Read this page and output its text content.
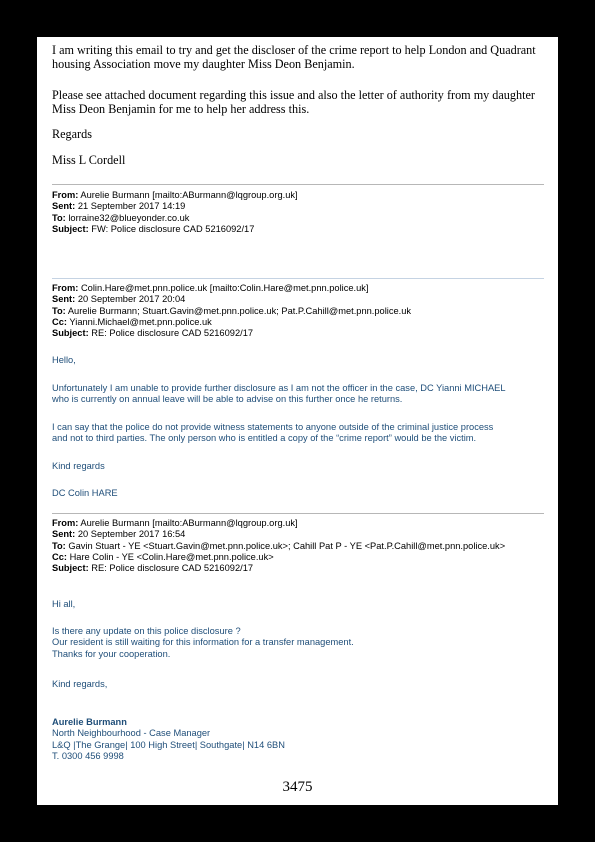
I am writing this email to try and get the discloser of the crime report to help London and Quadrant
housing Association move my daughter Miss Deon Benjamin.
Please see attached document regarding this issue and also the letter of authority from my daughter
Miss Deon Benjamin for me to help her address this.
Regards
Miss L Cordell
From: Aurelie Burmann [mailto:ABurmann@lqgroup.org.uk]
Sent: 21 September 2017 14:19
To: lorraine32@blueyonder.co.uk
Subject: FW: Police disclosure CAD 5216092/17
From: Colin.Hare@met.pnn.police.uk [mailto:Colin.Hare@met.pnn.police.uk]
Sent: 20 September 2017 20:04
To: Aurelie Burmann; Stuart.Gavin@met.pnn.police.uk; Pat.P.Cahill@met.pnn.police.uk
Cc: Yianni.Michael@met.pnn.police.uk
Subject: RE: Police disclosure CAD 5216092/17
Hello,
Unfortunately I am unable to provide further disclosure as I am not the officer in the case, DC Yianni MICHAEL
who is currently on annual leave will be able to advise on this further once he returns.
I can say that the police do not provide witness statements to anyone outside of the criminal justice process
and not to third parties. The only person who is entitled a copy of the “crime report” would be the victim.
Kind regards
DC Colin HARE
From: Aurelie Burmann [mailto:ABurmann@lqgroup.org.uk]
Sent: 20 September 2017 16:54
To: Gavin Stuart - YE <Stuart.Gavin@met.pnn.police.uk>; Cahill Pat P - YE <Pat.P.Cahill@met.pnn.police.uk>
Cc: Hare Colin - YE <Colin.Hare@met.pnn.police.uk>
Subject: RE: Police disclosure CAD 5216092/17
Hi all,
Is there any update on this police disclosure ?
Our resident is still waiting for this information for a transfer management.
Thanks for your cooperation.
Kind regards,
Aurelie Burmann
North Neighbourhood - Case Manager
L&Q |The Grange| 100 High Street| Southgate| N14 6BN
T. 0300 456 9998
3475
